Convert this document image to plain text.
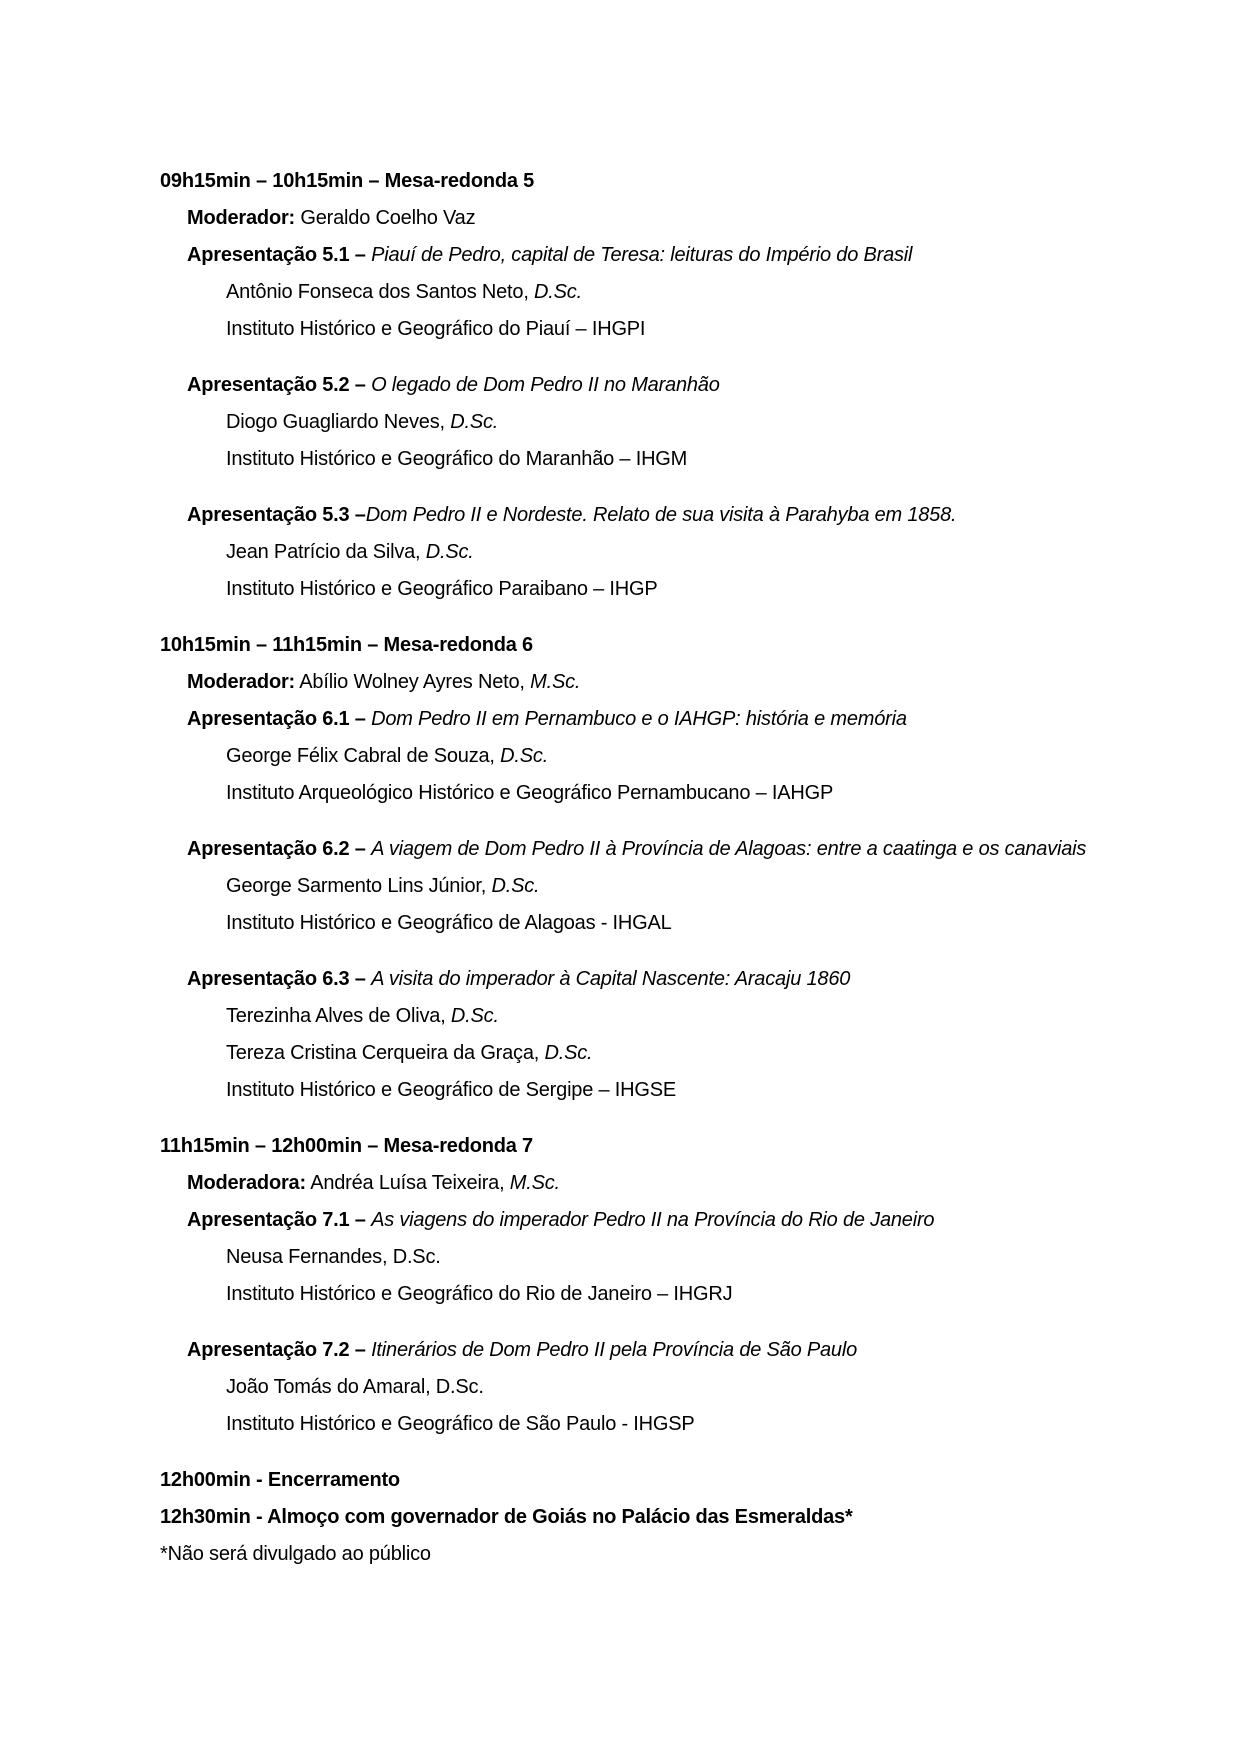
09h15min – 10h15min – Mesa-redonda 5

Moderador: Geraldo Coelho Vaz

Apresentação 5.1 – Piauí de Pedro, capital de Teresa: leituras do Império do Brasil

Antônio Fonseca dos Santos Neto, D.Sc.

Instituto Histórico e Geográfico do Piauí – IHGPI

Apresentação 5.2 – O legado de Dom Pedro II no Maranhão

Diogo Guagliardo Neves, D.Sc.

Instituto Histórico e Geográfico do Maranhão – IHGM

Apresentação 5.3 –Dom Pedro II e Nordeste. Relato de sua visita à Parahyba em 1858.

Jean Patrício da Silva, D.Sc.

Instituto Histórico e Geográfico Paraibano – IHGP

10h15min – 11h15min – Mesa-redonda 6

Moderador: Abílio Wolney Ayres Neto, M.Sc.

Apresentação 6.1 – Dom Pedro II em Pernambuco e o IAHGP: história e memória

George Félix Cabral de Souza, D.Sc.

Instituto Arqueológico Histórico e Geográfico Pernambucano – IAHGP

Apresentação 6.2 – A viagem de Dom Pedro II à Província de Alagoas: entre a caatinga e os canaviais

George Sarmento Lins Júnior, D.Sc.

Instituto Histórico e Geográfico de Alagoas - IHGAL

Apresentação 6.3 – A visita do imperador à Capital Nascente: Aracaju 1860

Terezinha Alves de Oliva, D.Sc.

Tereza Cristina Cerqueira da Graça, D.Sc.

Instituto Histórico e Geográfico de Sergipe – IHGSE

11h15min – 12h00min – Mesa-redonda 7

Moderadora: Andréa Luísa Teixeira, M.Sc.

Apresentação 7.1 – As viagens do imperador Pedro II na Província do Rio de Janeiro

Neusa Fernandes, D.Sc.

Instituto Histórico e Geográfico do Rio de Janeiro – IHGRJ

Apresentação 7.2 – Itinerários de Dom Pedro II pela Província de São Paulo

João Tomás do Amaral, D.Sc.

Instituto Histórico e Geográfico de São Paulo - IHGSP

12h00min - Encerramento

12h30min - Almoço com governador de Goiás no Palácio das Esmeraldas*

*Não será divulgado ao público
